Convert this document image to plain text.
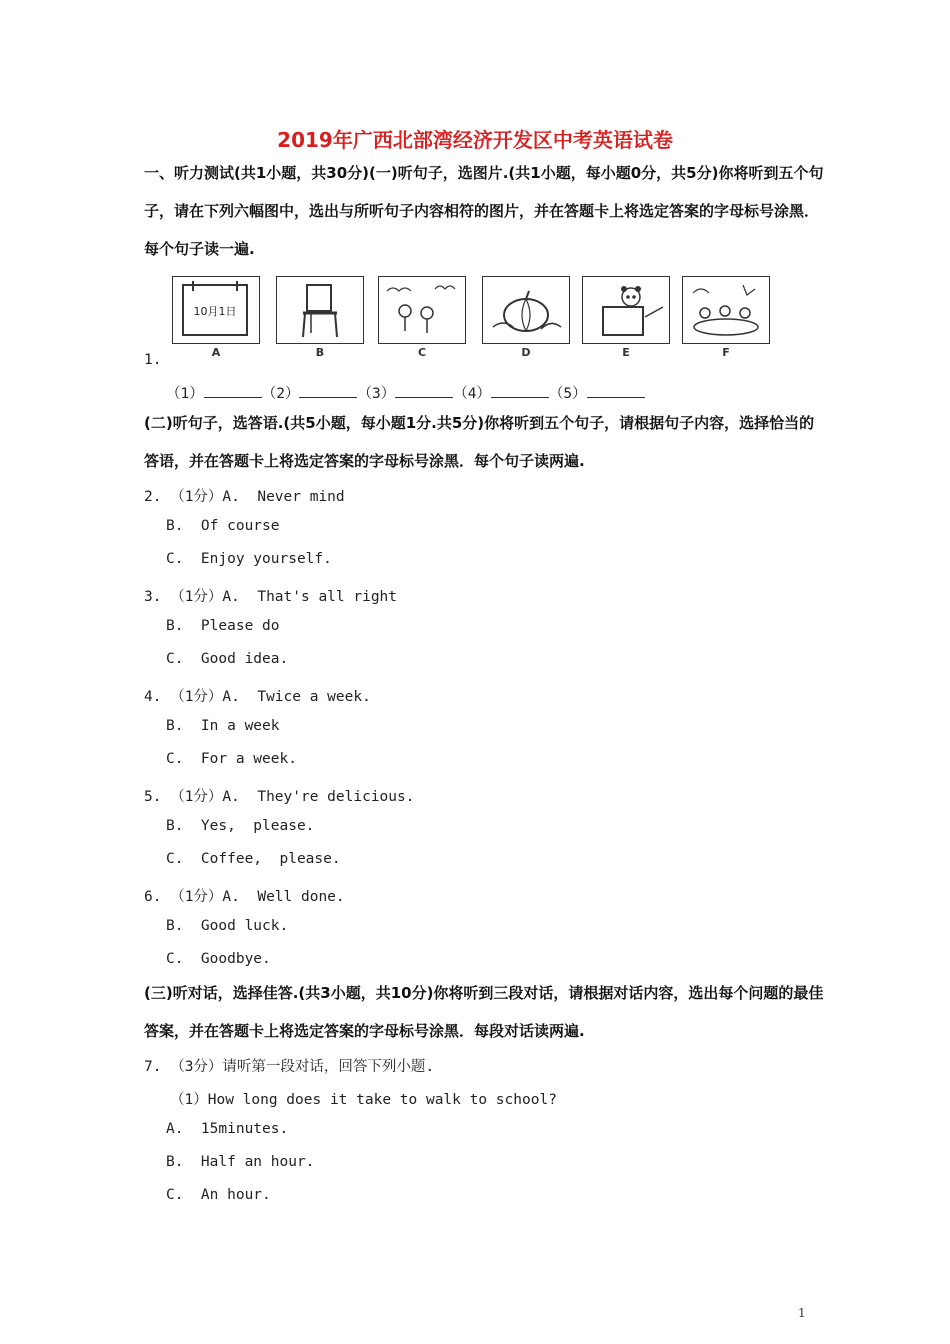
2019年广西北部湾经济开发区中考英语试卷
一、听力测试(共1小题，共30分)(一)听句子，选图片.(共1小题，每小题0分，共5分)你将听到五个句子，请在下列六幅图中，选出与所听句子内容相符的图片，并在答题卡上将选定答案的字母标号涂黑．每个句子读一遍.
10月1日
A	B	C	D	E	F
1.
（1）	（2）	（3）	（4）	（5）
(二)听句子，选答语.(共5小题，每小题1分.共5分)你将听到五个句子，请根据句子内容，选择恰当的答语，并在答题卡上将选定答案的字母标号涂黑．每个句子读两遍.
2. （1分）A.  Never mind
B.  Of course
C.  Enjoy yourself.
3. （1分）A.  That's all right
B.  Please do
C.  Good idea.
4. （1分）A.  Twice a week.
B.  In a week
C.  For a week.
5. （1分）A.  They're delicious.
B.  Yes,  please.
C.  Coffee,  please.
6. （1分）A.  Well done.
B.  Good luck.
C.  Goodbye.
(三)听对话，选择佳答.(共3小题，共10分)你将听到三段对话，请根据对话内容，选出每个问题的最佳答案，并在答题卡上将选定答案的字母标号涂黑．每段对话读两遍.
7. （3分）请听第一段对话，回答下列小题.
（1）How long does it take to walk to school?
A.  15minutes.
B.  Half an hour.
C.  An hour.
1
